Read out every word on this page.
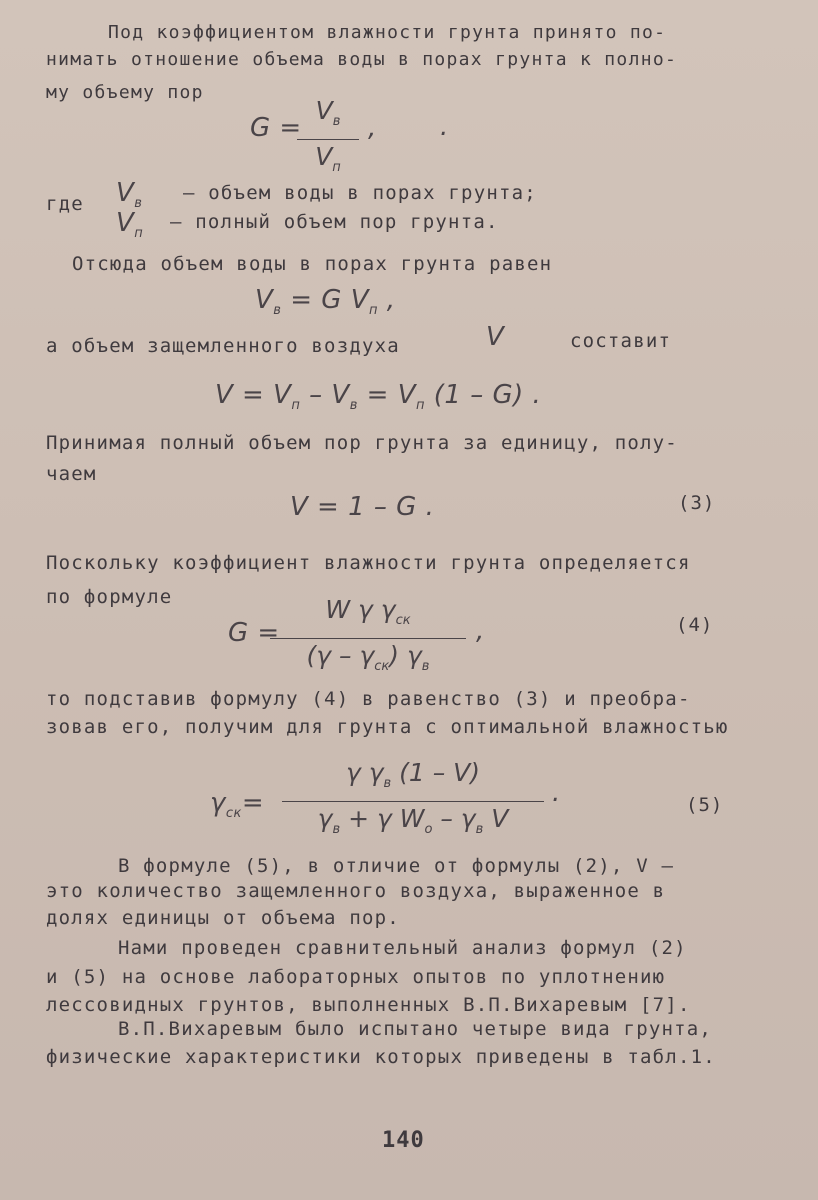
Под коэффициентом влажности грунта принято по-
нимать отношение объема воды в порах грунта к полно-
му объему пор
G =
$V_в$
$V_п$
, .
где $V_в$ – объем воды в порах грунта;
$V_п$
– полный объем пор грунта.
Отсюда объем воды в порах грунта равен
$V_в = G$ $V_п$ ,
а объем защемленного воздуха	V	составит
$V = V_п - V_в = V_п$ (1 – G) .
Принимая полный объем пор грунта за единицу, полу-
чаем
V = 1 – G .	(3)
Поскольку коэффициент влажности грунта определяется
по формуле
G =
W γ $\gamma_{ск}$
$(\gamma - \gamma_{ск})$ $\gamma_в$
,	(4)
то подставив формулу (4) в равенство (3) и преобра-
зовав его, получим для грунта с оптимальной влажностью
$\gamma_{ск}=$
γ $\gamma_в$ (1 – V)
$\gamma_в + \gamma$ $W_о - \gamma_в$ V
.	(5)
В формуле (5), в отличие от формулы (2), V –
это количество защемленного воздуха, выраженное в
долях единицы от объема пор.
Нами проведен сравнительный анализ формул (2)
и (5) на основе лабораторных опытов по уплотнению
лессовидных грунтов, выполненных В.П.Вихаревым [7].
В.П.Вихаревым было испытано четыре вида грунта,
физические характеристики которых приведены в табл.1.
140
